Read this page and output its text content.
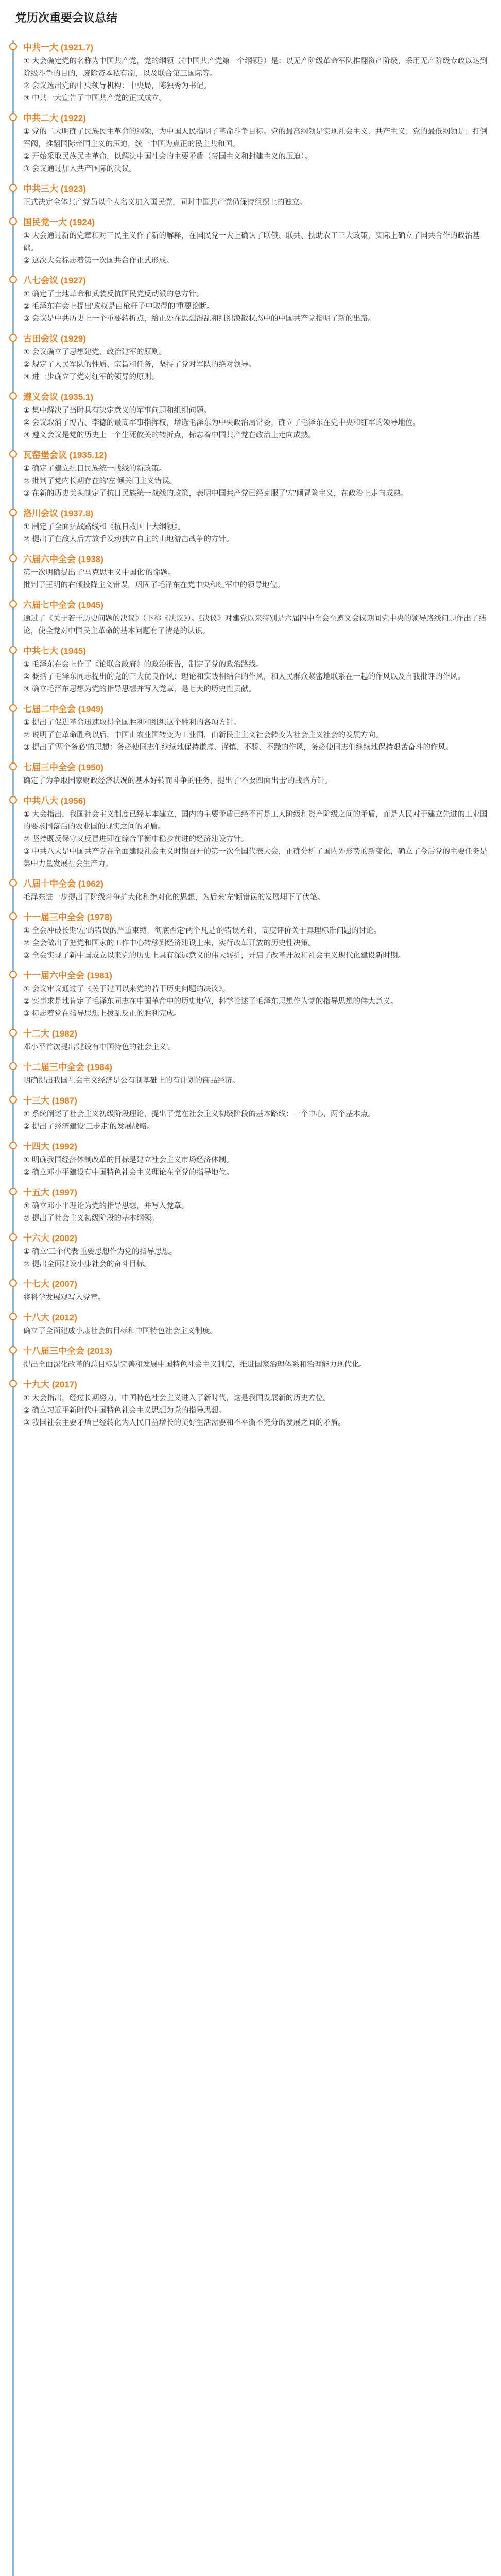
党历次重要会议总结
中共一大 (1921.7)

① 大会确定党的名称为中国共产党，党的纲领（《中国共产党第一个纲领》）是：以无产阶级革命军队推翻资产阶级，采用无产阶级专政以达到阶级斗争的目的，废除资本私有制，以及联合第三国际等。

② 会议选出党的中央领导机构：中央局，陈独秀为书记。

③ 中共一大宣告了中国共产党的正式成立。

中共二大 (1922)

① 党的二大明确了民族民主革命的纲领，为中国人民指明了革命斗争目标。党的最高纲领是实现社会主义、共产主义；党的最低纲领是：打倒军阀，推翻国际帝国主义的压迫，统一中国为真正的民主共和国。

② 开始采取民族民主革命，以解决中国社会的主要矛盾（帝国主义和封建主义的压迫）。

③ 会议通过加入共产国际的决议。

中共三大 (1923)

正式决定全体共产党员以个人名义加入国民党，同时中国共产党仍保持组织上的独立。

国民党一大 (1924)

① 大会通过新的党章和对三民主义作了新的解释，在国民党一大上确认了联俄、联共、扶助农工三大政策，实际上确立了国共合作的政治基础。

② 这次大会标志着第一次国共合作正式形成。

八七会议 (1927)

① 确定了土地革命和武装反抗国民党反动派的总方针。

② 毛泽东在会上提出'政权是由枪杆子中取得的'重要论断。

③ 会议是中共历史上一个重要转折点，给正处在思想混乱和组织涣散状态中的中国共产党指明了新的出路。

古田会议 (1929)

① 会议确立了思想建党、政治建军的原则。

② 规定了人民军队的性质、宗旨和任务，坚持了党对军队的绝对领导。

③ 进一步确立了党对红军的领导的原则。

遵义会议 (1935.1)

① 集中解决了当时具有决定意义的军事问题和组织问题。

② 会议取消了博古、李德的最高军事指挥权，增选毛泽东为中央政治局常委，确立了毛泽东在党中央和红军的领导地位。

③ 遵义会议是党的历史上一个生死攸关的转折点，标志着中国共产党在政治上走向成熟。

瓦窑堡会议 (1935.12)

① 确定了建立抗日民族统一战线的新政策。

② 批判了党内长期存在的'左'倾关门主义错误。

③ 在新的历史关头制定了抗日民族统一战线的政策，表明中国共产党已经克服了'左'倾冒险主义，在政治上走向成熟。

洛川会议 (1937.8)

① 制定了全面抗战路线和《抗日救国十大纲领》。

② 提出了在敌人后方放手发动独立自主的山地游击战争的方针。

六届六中全会 (1938)

第一次明确提出了'马克思主义中国化'的命题。

批判了王明的右倾投降主义错误，巩固了毛泽东在党中央和红军中的领导地位。

六届七中全会 (1945)

通过了《关于若干历史问题的决议》（下称《决议》）。《决议》对建党以来特别是六届四中全会至遵义会议期间党中央的领导路线问题作出了结论，使全党对中国民主革命的基本问题有了清楚的认识。

中共七大 (1945)

① 毛泽东在会上作了《论联合政府》的政治报告，制定了党的政治路线。

② 概括了毛泽东同志提出的党的三大优良作风：理论和实践相结合的作风，和人民群众紧密地联系在一起的作风以及自我批评的作风。

③ 确立毛泽东思想为党的指导思想并写入党章，是七大的历史性贡献。

七届二中全会 (1949)

① 提出了促进革命迅速取得全国胜利和组织这个胜利的各项方针。

② 说明了在革命胜利以后，中国由农业国转变为工业国，由新民主主义社会转变为社会主义社会的发展方向。

③ 提出了'两个务必'的思想：务必使同志们继续地保持谦虚、谨慎、不骄、不躁的作风，务必使同志们继续地保持艰苦奋斗的作风。

七届三中全会 (1950)

确定了为争取国家财政经济状况的基本好转而斗争的任务，提出了'不要四面出击'的战略方针。

中共八大 (1956)

① 大会指出，我国社会主义制度已经基本建立，国内的主要矛盾已经不再是工人阶级和资产阶级之间的矛盾，而是人民对于建立先进的工业国的要求同落后的农业国的现实之间的矛盾。

② 坚持既反保守又反冒进即在综合平衡中稳步前进的经济建设方针。

③ 中共八大是中国共产党在全面建设社会主义时期召开的第一次全国代表大会，正确分析了国内外形势的新变化，确立了今后党的主要任务是集中力量发展社会生产力。

八届十中全会 (1962)

毛泽东进一步提出了阶级斗争扩大化和绝对化的思想，为后来'左'倾错误的发展埋下了伏笔。

十一届三中全会 (1978)

① 全会冲破长期'左'的错误的严重束缚，彻底否定'两个凡是'的错误方针，高度评价关于真理标准问题的讨论。

② 全会做出了把党和国家的工作中心转移到经济建设上来，实行改革开放的历史性决策。

③ 全会实现了新中国成立以来党的历史上具有深远意义的伟大转折，开启了改革开放和社会主义现代化建设新时期。

十一届六中全会 (1981)

① 会议审议通过了《关于建国以来党的若干历史问题的决议》。

② 实事求是地肯定了毛泽东同志在中国革命中的历史地位，科学论述了毛泽东思想作为党的指导思想的伟大意义。

③ 标志着党在指导思想上拨乱反正的胜利完成。

十二大 (1982)

邓小平首次提出'建设有中国特色的社会主义'。

十二届三中全会 (1984)

明确提出我国社会主义经济是公有制基础上的有计划的商品经济。

十三大 (1987)

① 系统阐述了社会主义初级阶段理论，提出了党在社会主义初级阶段的基本路线：一个中心、两个基本点。

② 提出了经济建设'三步走'的发展战略。

十四大 (1992)

① 明确我国经济体制改革的目标是建立社会主义市场经济体制。

② 确立邓小平建设有中国特色社会主义理论在全党的指导地位。

十五大 (1997)

① 确立邓小平理论为党的指导思想，并写入党章。

② 提出了社会主义初级阶段的基本纲领。

十六大 (2002)

① 确立'三个代表'重要思想作为党的指导思想。

② 提出全面建设小康社会的奋斗目标。

十七大 (2007)

将科学发展观写入党章。

十八大 (2012)

确立了全面建成小康社会的目标和中国特色社会主义制度。

十八届三中全会 (2013)

提出全面深化改革的总目标是完善和发展中国特色社会主义制度，推进国家治理体系和治理能力现代化。

十九大 (2017)

① 大会指出，经过长期努力，中国特色社会主义进入了新时代，这是我国发展新的历史方位。

② 确立习近平新时代中国特色社会主义思想为党的指导思想。

③ 我国社会主要矛盾已经转化为人民日益增长的美好生活需要和不平衡不充分的发展之间的矛盾。
